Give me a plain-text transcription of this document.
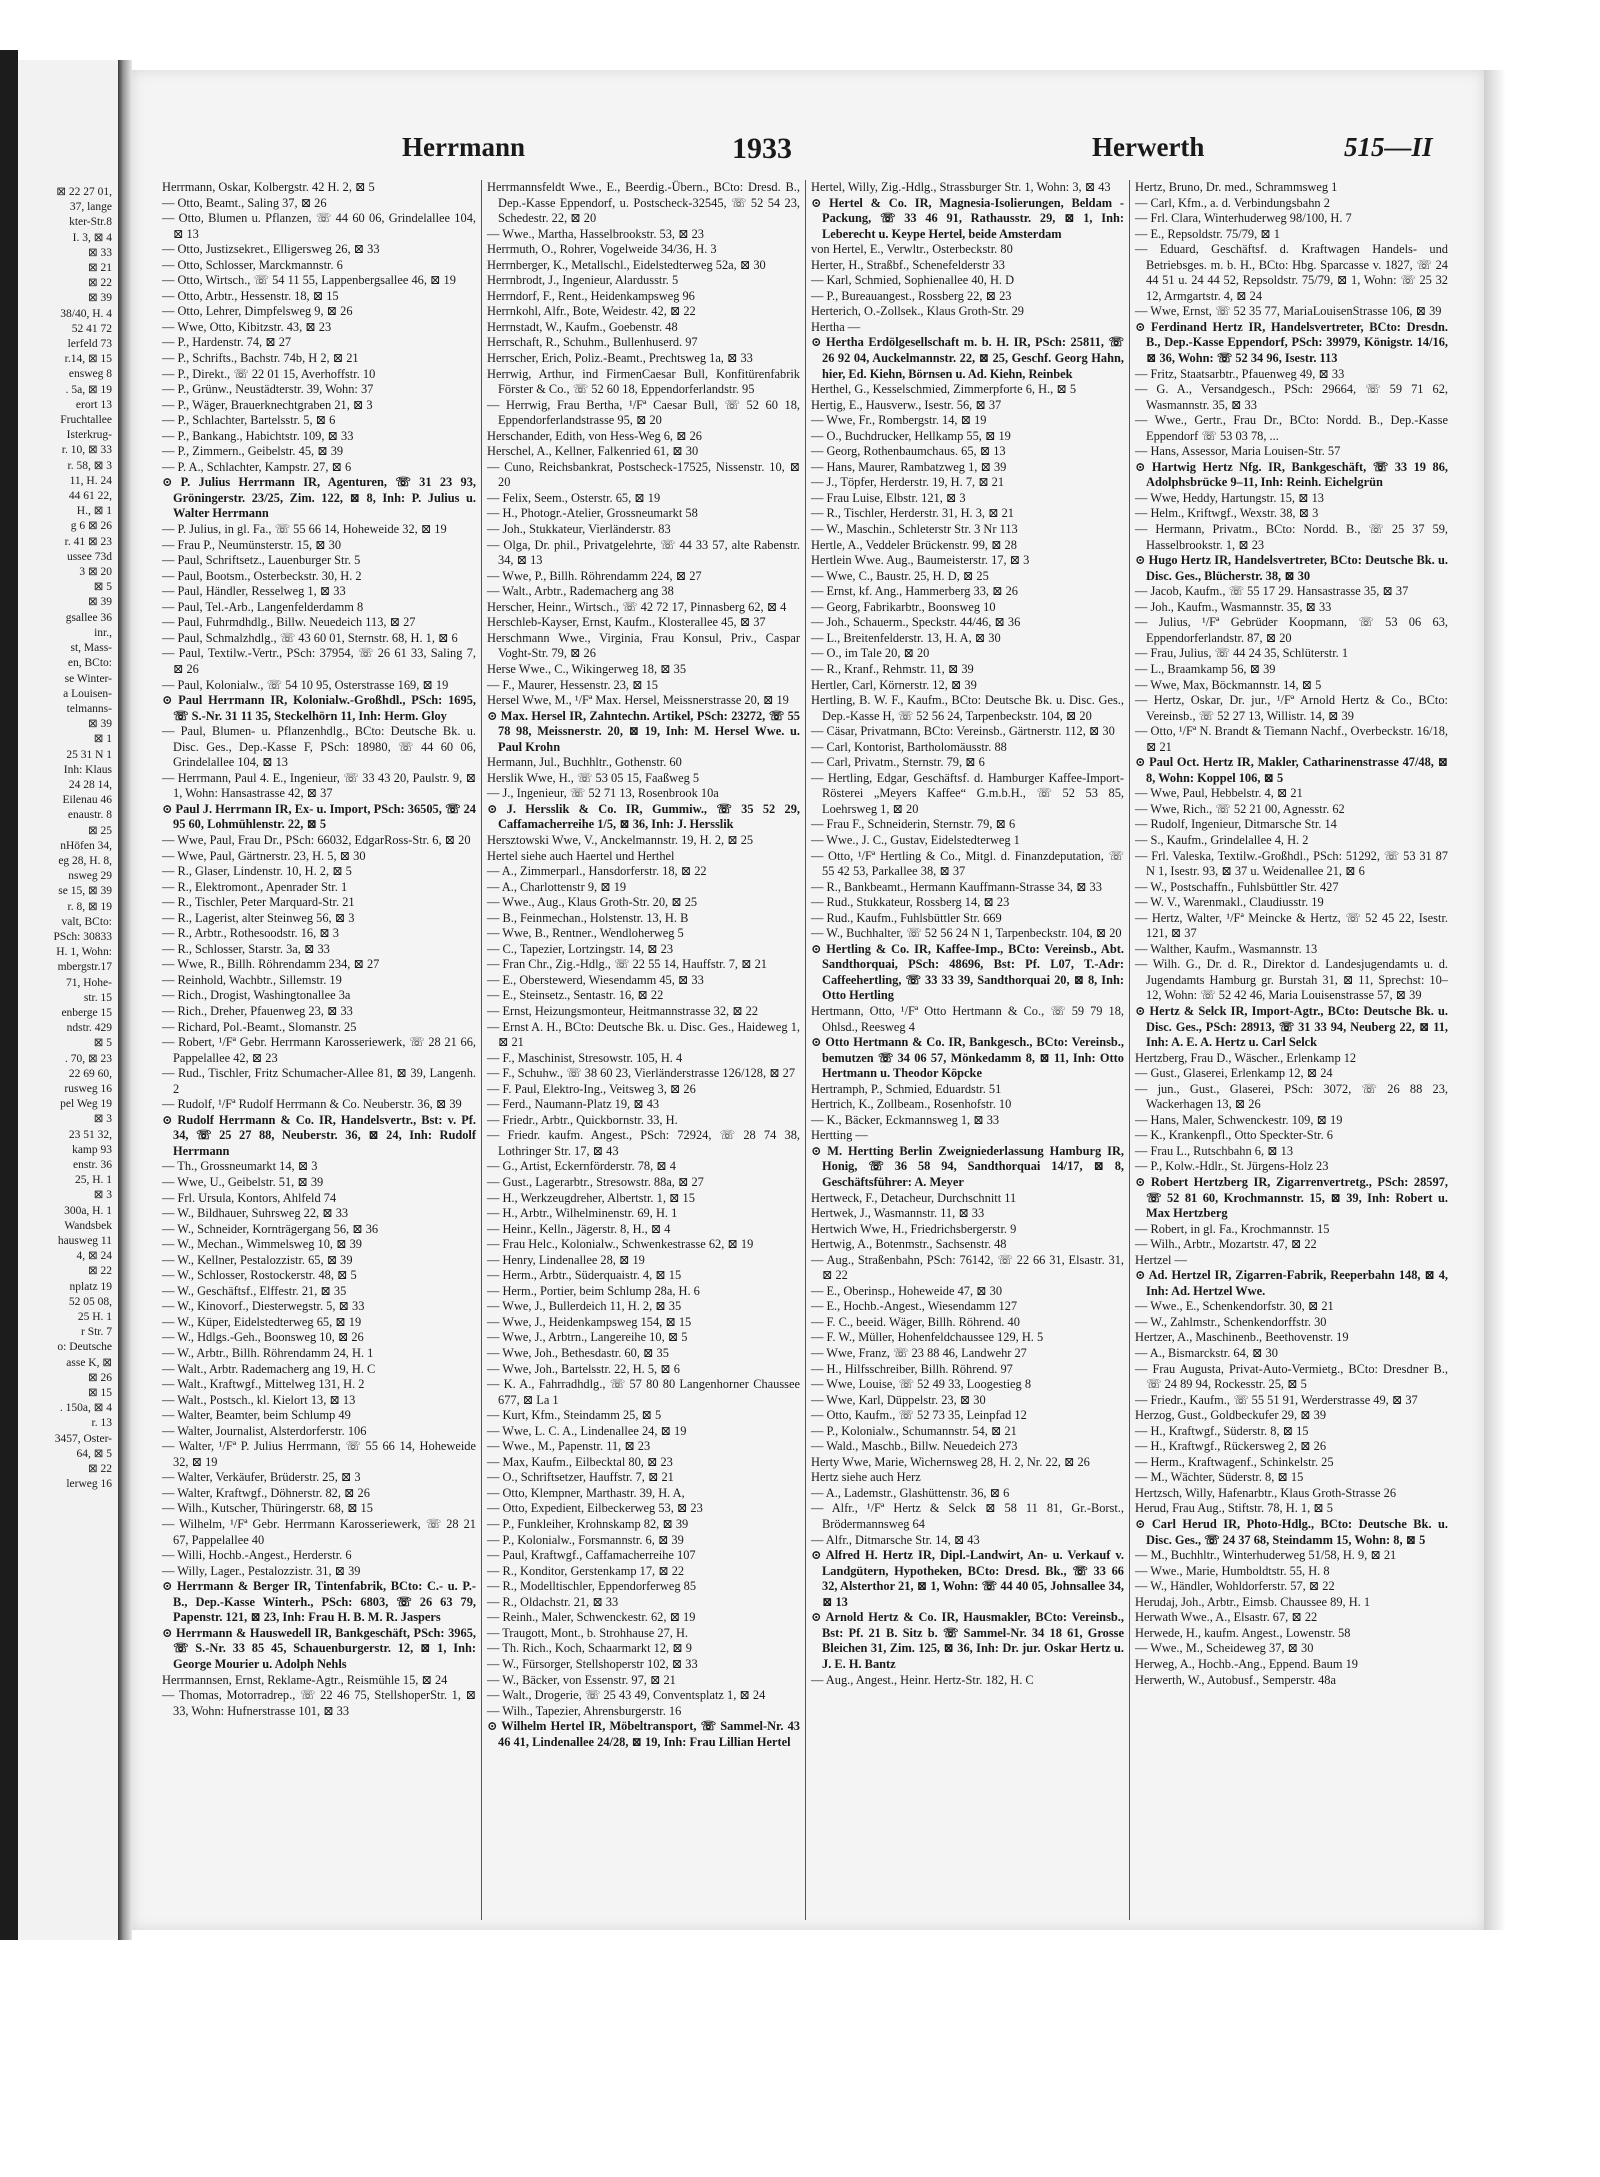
⊠ 22 27 01,
37, lange
kter-Str.8
I. 3, ⊠ 4
⊠ 33
⊠ 21
⊠ 22
⊠ 39
38/40, H. 4
52 41 72
lerfeld 73
r.14, ⊠ 15
ensweg 8
. 5a, ⊠ 19
erort 13
Fruchtallee
Isterkrug-
r. 10, ⊠ 33
r. 58, ⊠ 3
11, H. 24
44 61 22,
H., ⊠ 1
g 6 ⊠ 26
r. 41 ⊠ 23
ussee 73d
3 ⊠ 20
⊠ 5
⊠ 39
gsallee 36
inr.,
st, Mass-
en, BCto:
se Winter-
a Louisen-
telmanns-
⊠ 39
⊠ 1
25 31 N 1
Inh: Klaus
24 28 14,
Eilenau 46
enaustr. 8
⊠ 25
nHöfen 34,
eg 28, H. 8,
nsweg 29
se 15, ⊠ 39
r. 8, ⊠ 19
valt, BCto:
PSch: 30833
H. 1, Wohn:
mbergstr.17
71, Hohe-
str. 15
enberge 15
ndstr. 429
⊠ 5
. 70, ⊠ 23
22 69 60,
rusweg 16
pel Weg 19
⊠ 3
23 51 32,
kamp 93
enstr. 36
25, H. 1
⊠ 3
300a, H. 1
Wandsbek
hausweg 11
4, ⊠ 24
⊠ 22
nplatz 19
52 05 08,
25 H. 1
r Str. 7
o: Deutsche
asse K, ⊠
⊠ 26
⊠ 15
. 150a, ⊠ 4
r. 13
3457, Oster-
64, ⊠ 5
⊠ 22
lerweg 16
Herrmann	1933	Herwerth	515—II

Herrmann, Oskar, Kolbergstr. 42 H. 2, ⊠ 5

— Otto, Beamt., Saling 37, ⊠ 26

— Otto, Blumen u. Pflanzen, ☏ 44 60 06, Grindelallee 104, ⊠ 13

— Otto, Justizsekret., Elligersweg 26, ⊠ 33

— Otto, Schlosser, Marckmannstr. 6

— Otto, Wirtsch., ☏ 54 11 55, Lappenbergsallee 46, ⊠ 19

— Otto, Arbtr., Hessenstr. 18, ⊠ 15

— Otto, Lehrer, Dimpfelsweg 9, ⊠ 26

— Wwe, Otto, Kibitzstr. 43, ⊠ 23

— P., Hardenstr. 74, ⊠ 27

— P., Schrifts., Bachstr. 74b, H 2, ⊠ 21

— P., Direkt., ☏ 22 01 15, Averhoffstr. 10

— P., Grünw., Neustädterstr. 39, Wohn: 37

— P., Wäger, Brauerknechtgraben 21, ⊠ 3

— P., Schlachter, Bartelsstr. 5, ⊠ 6

— P., Bankang., Habichtstr. 109, ⊠ 33

— P., Zimmern., Geibelstr. 45, ⊠ 39

— P. A., Schlachter, Kampstr. 27, ⊠ 6

⊙ P. Julius Herrmann IR, Agenturen, ☏ 31 23 93, Gröningerstr. 23/25, Zim. 122, ⊠ 8, Inh: P. Julius u. Walter Herrmann

— P. Julius, in gl. Fa., ☏ 55 66 14, Hoheweide 32, ⊠ 19

— Frau P., Neumünsterstr. 15, ⊠ 30

— Paul, Schriftsetz., Lauenburger Str. 5

— Paul, Bootsm., Osterbeckstr. 30, H. 2

— Paul, Händler, Resselweg 1, ⊠ 33

— Paul, Tel.-Arb., Langenfelderdamm 8

— Paul, Fuhrmdhdlg., Billw. Neuedeich 113, ⊠ 27

— Paul, Schmalzhdlg., ☏ 43 60 01, Sternstr. 68, H. 1, ⊠ 6

— Paul, Textilw.-Vertr., PSch: 37954, ☏ 26 61 33, Saling 7, ⊠ 26

— Paul, Kolonialw., ☏ 54 10 95, Osterstrasse 169, ⊠ 19

⊙ Paul Herrmann IR, Kolonialw.-Großhdl., PSch: 1695, ☏ S.-Nr. 31 11 35, Steckelhörn 11, Inh: Herm. Gloy

— Paul, Blumen- u. Pflanzenhdlg., BCto: Deutsche Bk. u. Disc. Ges., Dep.-Kasse F, PSch: 18980, ☏ 44 60 06, Grindelallee 104, ⊠ 13

— Herrmann, Paul 4. E., Ingenieur, ☏ 33 43 20, Paulstr. 9, ⊠ 1, Wohn: Hansastrasse 42, ⊠ 37

⊙ Paul J. Herrmann IR, Ex- u. Import, PSch: 36505, ☏ 24 95 60, Lohmühlenstr. 22, ⊠ 5

— Wwe, Paul, Frau Dr., PSch: 66032, EdgarRoss-Str. 6, ⊠ 20

— Wwe, Paul, Gärtnerstr. 23, H. 5, ⊠ 30

— R., Glaser, Lindenstr. 10, H. 2, ⊠ 5

— R., Elektromont., Apenrader Str. 1

— R., Tischler, Peter Marquard-Str. 21

— R., Lagerist, alter Steinweg 56, ⊠ 3

— R., Arbtr., Rothesoodstr. 16, ⊠ 3

— R., Schlosser, Starstr. 3a, ⊠ 33

— Wwe, R., Billh. Röhrendamm 234, ⊠ 27

— Reinhold, Wachbtr., Sillemstr. 19

— Rich., Drogist, Washingtonallee 3a

— Rich., Dreher, Pfauenweg 23, ⊠ 33

— Richard, Pol.-Beamt., Slomanstr. 25

— Robert, ¹/Fª Gebr. Herrmann Karosseriewerk, ☏ 28 21 66, Pappelallee 42, ⊠ 23

— Rud., Tischler, Fritz Schumacher-Allee 81, ⊠ 39, Langenh. 2

— Rudolf, ¹/Fª Rudolf Herrmann & Co. Neuberstr. 36, ⊠ 39

⊙ Rudolf Herrmann & Co. IR, Handelsvertr., Bst: v. Pf. 34, ☏ 25 27 88, Neuberstr. 36, ⊠ 24, Inh: Rudolf Herrmann

— Th., Grossneumarkt 14, ⊠ 3

— Wwe, U., Geibelstr. 51, ⊠ 39

— Frl. Ursula, Kontors, Ahlfeld 74

— W., Bildhauer, Suhrsweg 22, ⊠ 33

— W., Schneider, Kornträgergang 56, ⊠ 36

— W., Mechan., Wimmelsweg 10, ⊠ 39

— W., Kellner, Pestalozzistr. 65, ⊠ 39

— W., Schlosser, Rostockerstr. 48, ⊠ 5

— W., Geschäftsf., Elffestr. 21, ⊠ 35

— W., Kinovorf., Diesterwegstr. 5, ⊠ 33

— W., Küper, Eidelstedterweg 65, ⊠ 19

— W., Hdlgs.-Geh., Boonsweg 10, ⊠ 26

— W., Arbtr., Billh. Röhrendamm 24, H. 1

— Walt., Arbtr. Rademacherg ang 19, H. C

— Walt., Kraftwgf., Mittelweg 131, H. 2

— Walt., Postsch., kl. Kielort 13, ⊠ 13

— Walter, Beamter, beim Schlump 49

— Walter, Journalist, Alsterdorferstr. 106

— Walter, ¹/Fª P. Julius Herrmann, ☏ 55 66 14, Hoheweide 32, ⊠ 19

— Walter, Verkäufer, Brüderstr. 25, ⊠ 3

— Walter, Kraftwgf., Döhnerstr. 82, ⊠ 26

— Wilh., Kutscher, Thüringerstr. 68, ⊠ 15

— Wilhelm, ¹/Fª Gebr. Herrmann Karosseriewerk, ☏ 28 21 67, Pappelallee 40

— Willi, Hochb.-Angest., Herderstr. 6

— Willy, Lager., Pestalozzistr. 31, ⊠ 39

⊙ Herrmann & Berger IR, Tintenfabrik, BCto: C.- u. P.-B., Dep.-Kasse Winterh., PSch: 6803, ☏ 26 63 79, Papenstr. 121, ⊠ 23, Inh: Frau H. B. M. R. Jaspers

⊙ Herrmann & Hauswedell IR, Bankgeschäft, PSch: 3965, ☏ S.-Nr. 33 85 45, Schauenburgerstr. 12, ⊠ 1, Inh: George Mourier u. Adolph Nehls

Herrmannsen, Ernst, Reklame-Agtr., Reismühle 15, ⊠ 24

— Thomas, Motorradrep., ☏ 22 46 75, StellshoperStr. 1, ⊠ 33, Wohn: Hufnerstrasse 101, ⊠ 33

Herrmannsfeldt Wwe., E., Beerdig.-Übern., BCto: Dresd. B., Dep.-Kasse Eppendorf, u. Postscheck-32545, ☏ 52 54 23, Schedestr. 22, ⊠ 20

— Wwe., Martha, Hasselbrookstr. 53, ⊠ 23

Herrmuth, O., Rohrer, Vogelweide 34/36, H. 3

Herrnberger, K., Metallschl., Eidelstedterweg 52a, ⊠ 30

Herrnbrodt, J., Ingenieur, Alardusstr. 5

Herrndorf, F., Rent., Heidenkampsweg 96

Herrnkohl, Alfr., Bote, Weidestr. 42, ⊠ 22

Herrnstadt, W., Kaufm., Goebenstr. 48

Herrschaft, R., Schuhm., Bullenhuserd. 97

Herrscher, Erich, Poliz.-Beamt., Prechtsweg 1a, ⊠ 33

Herrwig, Arthur, ind FirmenCaesar Bull, Konfitürenfabrik Förster & Co., ☏ 52 60 18, Eppendorferlandstr. 95

— Herrwig, Frau Bertha, ¹/Fª Caesar Bull, ☏ 52 60 18, Eppendorferlandstrasse 95, ⊠ 20

Herschander, Edith, von Hess-Weg 6, ⊠ 26

Herschel, A., Kellner, Falkenried 61, ⊠ 30

— Cuno, Reichsbankrat, Postscheck-17525, Nissenstr. 10, ⊠ 20

— Felix, Seem., Osterstr. 65, ⊠ 19

— H., Photogr.-Atelier, Grossneumarkt 58

— Joh., Stukkateur, Vierländerstr. 83

— Olga, Dr. phil., Privatgelehrte, ☏ 44 33 57, alte Rabenstr. 34, ⊠ 13

— Wwe, P., Billh. Röhrendamm 224, ⊠ 27

— Walt., Arbtr., Rademacherg ang 38

Herscher, Heinr., Wirtsch., ☏ 42 72 17, Pinnasberg 62, ⊠ 4

Herschleb-Kayser, Ernst, Kaufm., Klosterallee 45, ⊠ 37

Herschmann Wwe., Virginia, Frau Konsul, Priv., Caspar Voght-Str. 79, ⊠ 26

Herse Wwe., C., Wikingerweg 18, ⊠ 35

— F., Maurer, Hessenstr. 23, ⊠ 15

Hersel Wwe, M., ¹/Fª Max. Hersel, Meissnerstrasse 20, ⊠ 19

⊙ Max. Hersel IR, Zahntechn. Artikel, PSch: 23272, ☏ 55 78 98, Meissnerstr. 20, ⊠ 19, Inh: M. Hersel Wwe. u. Paul Krohn

Hermann, Jul., Buchhltr., Gothenstr. 60

Herslik Wwe, H., ☏ 53 05 15, Faaßweg 5

— J., Ingenieur, ☏ 52 71 13, Rosenbrook 10a

⊙ J. Hersslik & Co. IR, Gummiw., ☏ 35 52 29, Caffamacherreihe 1/5, ⊠ 36, Inh: J. Hersslik

Hersztowski Wwe, V., Anckelmannstr. 19, H. 2, ⊠ 25

Hertel siehe auch Haertel und Herthel

— A., Zimmerparl., Hansdorferstr. 18, ⊠ 22

— A., Charlottenstr 9, ⊠ 19

— Wwe., Aug., Klaus Groth-Str. 20, ⊠ 25

— B., Feinmechan., Holstenstr. 13, H. B

— Wwe, B., Rentner., Wendloherweg 5

— C., Tapezier, Lortzingstr. 14, ⊠ 23

— Fran Chr., Zig.-Hdlg., ☏ 22 55 14, Hauffstr. 7, ⊠ 21

— E., Oberstewerd, Wiesendamm 45, ⊠ 33

— E., Steinsetz., Sentastr. 16, ⊠ 22

— Ernst, Heizungsmonteur, Heitmannstrasse 32, ⊠ 22

— Ernst A. H., BCto: Deutsche Bk. u. Disc. Ges., Haideweg 1, ⊠ 21

— F., Maschinist, Stresowstr. 105, H. 4

— F., Schuhw., ☏ 38 60 23, Vierländerstrasse 126/128, ⊠ 27

— F. Paul, Elektro-Ing., Veitsweg 3, ⊠ 26

— Ferd., Naumann-Platz 19, ⊠ 43

— Friedr., Arbtr., Quickbornstr. 33, H.

— Friedr. kaufm. Angest., PSch: 72924, ☏ 28 74 38, Lothringer Str. 17, ⊠ 43

— G., Artist, Eckernförderstr. 78, ⊠ 4

— Gust., Lagerarbtr., Stresowstr. 88a, ⊠ 27

— H., Werkzeugdreher, Albertstr. 1, ⊠ 15

— H., Arbtr., Wilhelminenstr. 69, H. 1

— Heinr., Kelln., Jägerstr. 8, H., ⊠ 4

— Frau Helc., Kolonialw., Schwenkestrasse 62, ⊠ 19

— Henry, Lindenallee 28, ⊠ 19

— Herm., Arbtr., Süderquaistr. 4, ⊠ 15

— Herm., Portier, beim Schlump 28a, H. 6

— Wwe, J., Bullerdeich 11, H. 2, ⊠ 35

— Wwe, J., Heidenkampsweg 154, ⊠ 15

— Wwe, J., Arbtrn., Langereihe 10, ⊠ 5

— Wwe, Joh., Bethesdastr. 60, ⊠ 35

— Wwe, Joh., Bartelsstr. 22, H. 5, ⊠ 6

— K. A., Fahrradhdlg., ☏ 57 80 80 Langenhorner Chaussee 677, ⊠ La 1

— Kurt, Kfm., Steindamm 25, ⊠ 5

— Wwe, L. C. A., Lindenallee 24, ⊠ 19

— Wwe., M., Papenstr. 11, ⊠ 23

— Max, Kaufm., Eilbecktal 80, ⊠ 23

— O., Schriftsetzer, Hauffstr. 7, ⊠ 21

— Otto, Klempner, Marthastr. 39, H. A,

— Otto, Expedient, Eilbeckerweg 53, ⊠ 23

— P., Funkleiher, Krohnskamp 82, ⊠ 39

— P., Kolonialw., Forsmannstr. 6, ⊠ 39

— Paul, Kraftwgf., Caffamacherreihe 107

— R., Konditor, Gerstenkamp 17, ⊠ 22

— R., Modelltischler, Eppendorferweg 85

— R., Oldachstr. 21, ⊠ 33

— Reinh., Maler, Schwenckestr. 62, ⊠ 19

— Traugott, Mont., b. Strohhause 27, H.

— Th. Rich., Koch, Schaarmarkt 12, ⊠ 9

— W., Fürsorger, Stellshoperstr 102, ⊠ 33

— W., Bäcker, von Essenstr. 97, ⊠ 21

— Walt., Drogerie, ☏ 25 43 49, Conventsplatz 1, ⊠ 24

— Wilh., Tapezier, Ahrensburgerstr. 16

⊙ Wilhelm Hertel IR, Möbeltransport, ☏ Sammel-Nr. 43 46 41, Lindenallee 24/28, ⊠ 19, Inh: Frau Lillian Hertel

Hertel, Willy, Zig.-Hdlg., Strassburger Str. 1, Wohn: 3, ⊠ 43

⊙ Hertel & Co. IR, Magnesia-Isolierungen, Beldam - Packung, ☏ 33 46 91, Rathausstr. 29, ⊠ 1, Inh: Leberecht u. Keype Hertel, beide Amsterdam

von Hertel, E., Verwltr., Osterbeckstr. 80

Herter, H., Straßbf., Schenefelderstr 33

— Karl, Schmied, Sophienallee 40, H. D

— P., Bureauangest., Rossberg 22, ⊠ 23

Herterich, O.-Zollsek., Klaus Groth-Str. 29

Hertha —

⊙ Hertha Erdölgesellschaft m. b. H. IR, PSch: 25811, ☏ 26 92 04, Auckelmannstr. 22, ⊠ 25, Geschf. Georg Hahn, hier, Ed. Kiehn, Börnsen u. Ad. Kiehn, Reinbek

Herthel, G., Kesselschmied, Zimmerpforte 6, H., ⊠ 5

Hertig, E., Hausverw., Isestr. 56, ⊠ 37

— Wwe, Fr., Rombergstr. 14, ⊠ 19

— O., Buchdrucker, Hellkamp 55, ⊠ 19

— Georg, Rothenbaumchaus. 65, ⊠ 13

— Hans, Maurer, Rambatzweg 1, ⊠ 39

— J., Töpfer, Herderstr. 19, H. 7, ⊠ 21

— Frau Luise, Elbstr. 121, ⊠ 3

— R., Tischler, Herderstr. 31, H. 3, ⊠ 21

— W., Maschin., Schleterstr Str. 3 Nr 113

Hertle, A., Veddeler Brückenstr. 99, ⊠ 28

Hertlein Wwe. Aug., Baumeisterstr. 17, ⊠ 3

— Wwe, C., Baustr. 25, H. D, ⊠ 25

— Ernst, kf. Ang., Hammerberg 33, ⊠ 26

— Georg, Fabrikarbtr., Boonsweg 10

— Joh., Schauerm., Speckstr. 44/46, ⊠ 36

— L., Breitenfelderstr. 13, H. A, ⊠ 30

— O., im Tale 20, ⊠ 20

— R., Kranf., Rehmstr. 11, ⊠ 39

Hertler, Carl, Körnerstr. 12, ⊠ 39

Hertling, B. W. F., Kaufm., BCto: Deutsche Bk. u. Disc. Ges., Dep.-Kasse H, ☏ 52 56 24, Tarpenbeckstr. 104, ⊠ 20

— Cäsar, Privatmann, BCto: Vereinsb., Gärtnerstr. 112, ⊠ 30

— Carl, Kontorist, Bartholomäusstr. 88

— Carl, Privatm., Sternstr. 79, ⊠ 6

— Hertling, Edgar, Geschäftsf. d. Hamburger Kaffee-Import-Rösterei „Meyers Kaffee“ G.m.b.H., ☏ 52 53 85, Loehrsweg 1, ⊠ 20

— Frau F., Schneiderin, Sternstr. 79, ⊠ 6

— Wwe., J. C., Gustav, Eidelstedterweg 1

— Otto, ¹/Fª Hertling & Co., Mitgl. d. Finanzdeputation, ☏ 55 42 53, Parkallee 38, ⊠ 37

— R., Bankbeamt., Hermann Kauffmann-Strasse 34, ⊠ 33

— Rud., Stukkateur, Rossberg 14, ⊠ 23

— Rud., Kaufm., Fuhlsbüttler Str. 669

— W., Buchhalter, ☏ 52 56 24 N 1, Tarpenbeckstr. 104, ⊠ 20

⊙ Hertling & Co. IR, Kaffee-Imp., BCto: Vereinsb., Abt. Sandthorquai, PSch: 48696, Bst: Pf. L07, T.-Adr: Caffeehertling, ☏ 33 33 39, Sandthorquai 20, ⊠ 8, Inh: Otto Hertling

Hertmann, Otto, ¹/Fª Otto Hertmann & Co., ☏ 59 79 18, Ohlsd., Reesweg 4

⊙ Otto Hertmann & Co. IR, Bankgesch., BCto: Vereinsb., bemutzen ☏ 34 06 57, Mönkedamm 8, ⊠ 11, Inh: Otto Hertmann u. Theodor Köpcke

Hertramph, P., Schmied, Eduardstr. 51

Hertrich, K., Zollbeam., Rosenhofstr. 10

— K., Bäcker, Eckmannsweg 1, ⊠ 33

Hertting —

⊙ M. Hertting Berlin Zweigniederlassung Hamburg IR, Honig, ☏ 36 58 94, Sandthorquai 14/17, ⊠ 8, Geschäftsführer: A. Meyer

Hertweck, F., Detacheur, Durchschnitt 11

Hertwek, J., Wasmannstr. 11, ⊠ 33

Hertwich Wwe, H., Friedrichsbergerstr. 9

Hertwig, A., Botenmstr., Sachsenstr. 48

— Aug., Straßenbahn, PSch: 76142, ☏ 22 66 31, Elsastr. 31, ⊠ 22

— E., Oberinsp., Hoheweide 47, ⊠ 30

— E., Hochb.-Angest., Wiesendamm 127

— F. C., beeid. Wäger, Billh. Röhrend. 40

— F. W., Müller, Hohenfeldchaussee 129, H. 5

— Wwe, Franz, ☏ 23 88 46, Landwehr 27

— H., Hilfsschreiber, Billh. Röhrend. 97

— Wwe, Louise, ☏ 52 49 33, Loogestieg 8

— Wwe, Karl, Düppelstr. 23, ⊠ 30

— Otto, Kaufm., ☏ 52 73 35, Leinpfad 12

— P., Kolonialw., Schumannstr. 54, ⊠ 21

— Wald., Maschb., Billw. Neuedeich 273

Herty Wwe, Marie, Wichernsweg 28, H. 2, Nr. 22, ⊠ 26

Hertz siehe auch Herz

— A., Lademstr., Glashüttenstr. 36, ⊠ 6

— Alfr., ¹/Fª Hertz & Selck ⊠ 58 11 81, Gr.-Borst., Brödermannsweg 64

— Alfr., Ditmarsche Str. 14, ⊠ 43

⊙ Alfred H. Hertz IR, Dipl.-Landwirt, An- u. Verkauf v. Landgütern, Hypotheken, BCto: Dresd. Bk., ☏ 33 66 32, Alsterthor 21, ⊠ 1, Wohn: ☏ 44 40 05, Johnsallee 34, ⊠ 13

⊙ Arnold Hertz & Co. IR, Hausmakler, BCto: Vereinsb., Bst: Pf. 21 B. Sitz b. ☏ Sammel-Nr. 34 18 61, Grosse Bleichen 31, Zim. 125, ⊠ 36, Inh: Dr. jur. Oskar Hertz u. J. E. H. Bantz

— Aug., Angest., Heinr. Hertz-Str. 182, H. C

Hertz, Bruno, Dr. med., Schrammsweg 1

— Carl, Kfm., a. d. Verbindungsbahn 2

— Frl. Clara, Winterhuderweg 98/100, H. 7

— E., Repsoldstr. 75/79, ⊠ 1

— Eduard, Geschäftsf. d. Kraftwagen Handels- und Betriebsges. m. b. H., BCto: Hbg. Sparcasse v. 1827, ☏ 24 44 51 u. 24 44 52, Repsoldstr. 75/79, ⊠ 1, Wohn: ☏ 25 32 12, Armgartstr. 4, ⊠ 24

— Wwe, Ernst, ☏ 52 35 77, MariaLouisenStrasse 106, ⊠ 39

⊙ Ferdinand Hertz IR, Handelsvertreter, BCto: Dresdn. B., Dep.-Kasse Eppendorf, PSch: 39979, Königstr. 14/16, ⊠ 36, Wohn: ☏ 52 34 96, Isestr. 113

— Fritz, Staatsarbtr., Pfauenweg 49, ⊠ 33

— G. A., Versandgesch., PSch: 29664, ☏ 59 71 62, Wasmannstr. 35, ⊠ 33

— Wwe., Gertr., Frau Dr., BCto: Nordd. B., Dep.-Kasse Eppendorf ☏ 53 03 78, ...

— Hans, Assessor, Maria Louisen-Str. 57

⊙ Hartwig Hertz Nfg. IR, Bankgeschäft, ☏ 33 19 86, Adolphsbrücke 9–11, Inh: Reinh. Eichelgrün

— Wwe, Heddy, Hartungstr. 15, ⊠ 13

— Helm., Kriftwgf., Wexstr. 38, ⊠ 3

— Hermann, Privatm., BCto: Nordd. B., ☏ 25 37 59, Hasselbrookstr. 1, ⊠ 23

⊙ Hugo Hertz IR, Handelsvertreter, BCto: Deutsche Bk. u. Disc. Ges., Blücherstr. 38, ⊠ 30

— Jacob, Kaufm., ☏ 55 17 29. Hansastrasse 35, ⊠ 37

— Joh., Kaufm., Wasmannstr. 35, ⊠ 33

— Julius, ¹/Fª Gebrüder Koopmann, ☏ 53 06 63, Eppendorferlandstr. 87, ⊠ 20

— Frau, Julius, ☏ 44 24 35, Schlüterstr. 1

— L., Braamkamp 56, ⊠ 39

— Wwe, Max, Böckmannstr. 14, ⊠ 5

— Hertz, Oskar, Dr. jur., ¹/Fª Arnold Hertz & Co., BCto: Vereinsb., ☏ 52 27 13, Willistr. 14, ⊠ 39

— Otto, ¹/Fª N. Brandt & Tiemann Nachf., Overbeckstr. 16/18, ⊠ 21

⊙ Paul Oct. Hertz IR, Makler, Catharinenstrasse 47/48, ⊠ 8, Wohn: Koppel 106, ⊠ 5

— Wwe, Paul, Hebbelstr. 4, ⊠ 21

— Wwe, Rich., ☏ 52 21 00, Agnesstr. 62

— Rudolf, Ingenieur, Ditmarsche Str. 14

— S., Kaufm., Grindelallee 4, H. 2

— Frl. Valeska, Textilw.-Großhdl., PSch: 51292, ☏ 53 31 87 N 1, Isestr. 93, ⊠ 37 u. Weidenallee 21, ⊠ 6

— W., Postschaffn., Fuhlsbüttler Str. 427

— W. V., Warenmakl., Claudiusstr. 19

— Hertz, Walter, ¹/Fª Meincke & Hertz, ☏ 52 45 22, Isestr. 121, ⊠ 37

— Walther, Kaufm., Wasmannstr. 13

— Wilh. G., Dr. d. R., Direktor d. Landesjugendamts u. d. Jugendamts Hamburg gr. Burstah 31, ⊠ 11, Sprechst: 10–12, Wohn: ☏ 52 42 46, Maria Louisenstrasse 57, ⊠ 39

⊙ Hertz & Selck IR, Import-Agtr., BCto: Deutsche Bk. u. Disc. Ges., PSch: 28913, ☏ 31 33 94, Neuberg 22, ⊠ 11, Inh: A. E. A. Hertz u. Carl Selck

Hertzberg, Frau D., Wäscher., Erlenkamp 12

— Gust., Glaserei, Erlenkamp 12, ⊠ 24

— jun., Gust., Glaserei, PSch: 3072, ☏ 26 88 23, Wackerhagen 13, ⊠ 26

— Hans, Maler, Schwenckestr. 109, ⊠ 19

— K., Krankenpfl., Otto Speckter-Str. 6

— Frau L., Rutschbahn 6, ⊠ 13

— P., Kolw.-Hdlr., St. Jürgens-Holz 23

⊙ Robert Hertzberg IR, Zigarrenvertretg., PSch: 28597, ☏ 52 81 60, Krochmannstr. 15, ⊠ 39, Inh: Robert u. Max Hertzberg

— Robert, in gl. Fa., Krochmannstr. 15

— Wilh., Arbtr., Mozartstr. 47, ⊠ 22

Hertzel —

⊙ Ad. Hertzel IR, Zigarren-Fabrik, Reeperbahn 148, ⊠ 4, Inh: Ad. Hertzel Wwe.

— Wwe., E., Schenkendorfstr. 30, ⊠ 21

— W., Zahlmstr., Schenkendorffstr. 30

Hertzer, A., Maschinenb., Beethovenstr. 19

— A., Bismarckstr. 64, ⊠ 30

— Frau Augusta, Privat-Auto-Vermietg., BCto: Dresdner B., ☏ 24 89 94, Rockesstr. 25, ⊠ 5

— Friedr., Kaufm., ☏ 55 51 91, Werderstrasse 49, ⊠ 37

Herzog, Gust., Goldbeckufer 29, ⊠ 39

— H., Kraftwgf., Süderstr. 8, ⊠ 15

— H., Kraftwgf., Rückersweg 2, ⊠ 26

— Herm., Kraftwagenf., Schinkelstr. 25

— M., Wächter, Süderstr. 8, ⊠ 15

Hertzsch, Willy, Hafenarbtr., Klaus Groth-Strasse 26

Herud, Frau Aug., Stiftstr. 78, H. 1, ⊠ 5

⊙ Carl Herud IR, Photo-Hdlg., BCto: Deutsche Bk. u. Disc. Ges., ☏ 24 37 68, Steindamm 15, Wohn: 8, ⊠ 5

— M., Buchhltr., Winterhuderweg 51/58, H. 9, ⊠ 21

— Wwe., Marie, Humboldtstr. 55, H. 8

— W., Händler, Wohldorferstr. 57, ⊠ 22

Herudaj, Joh., Arbtr., Eimsb. Chaussee 89, H. 1

Herwath Wwe., A., Elsastr. 67, ⊠ 22

Herwede, H., kaufm. Angest., Lowenstr. 58

— Wwe., M., Scheideweg 37, ⊠ 30

Herweg, A., Hochb.-Ang., Eppend. Baum 19

Herwerth, W., Autobusf., Semperstr. 48a
